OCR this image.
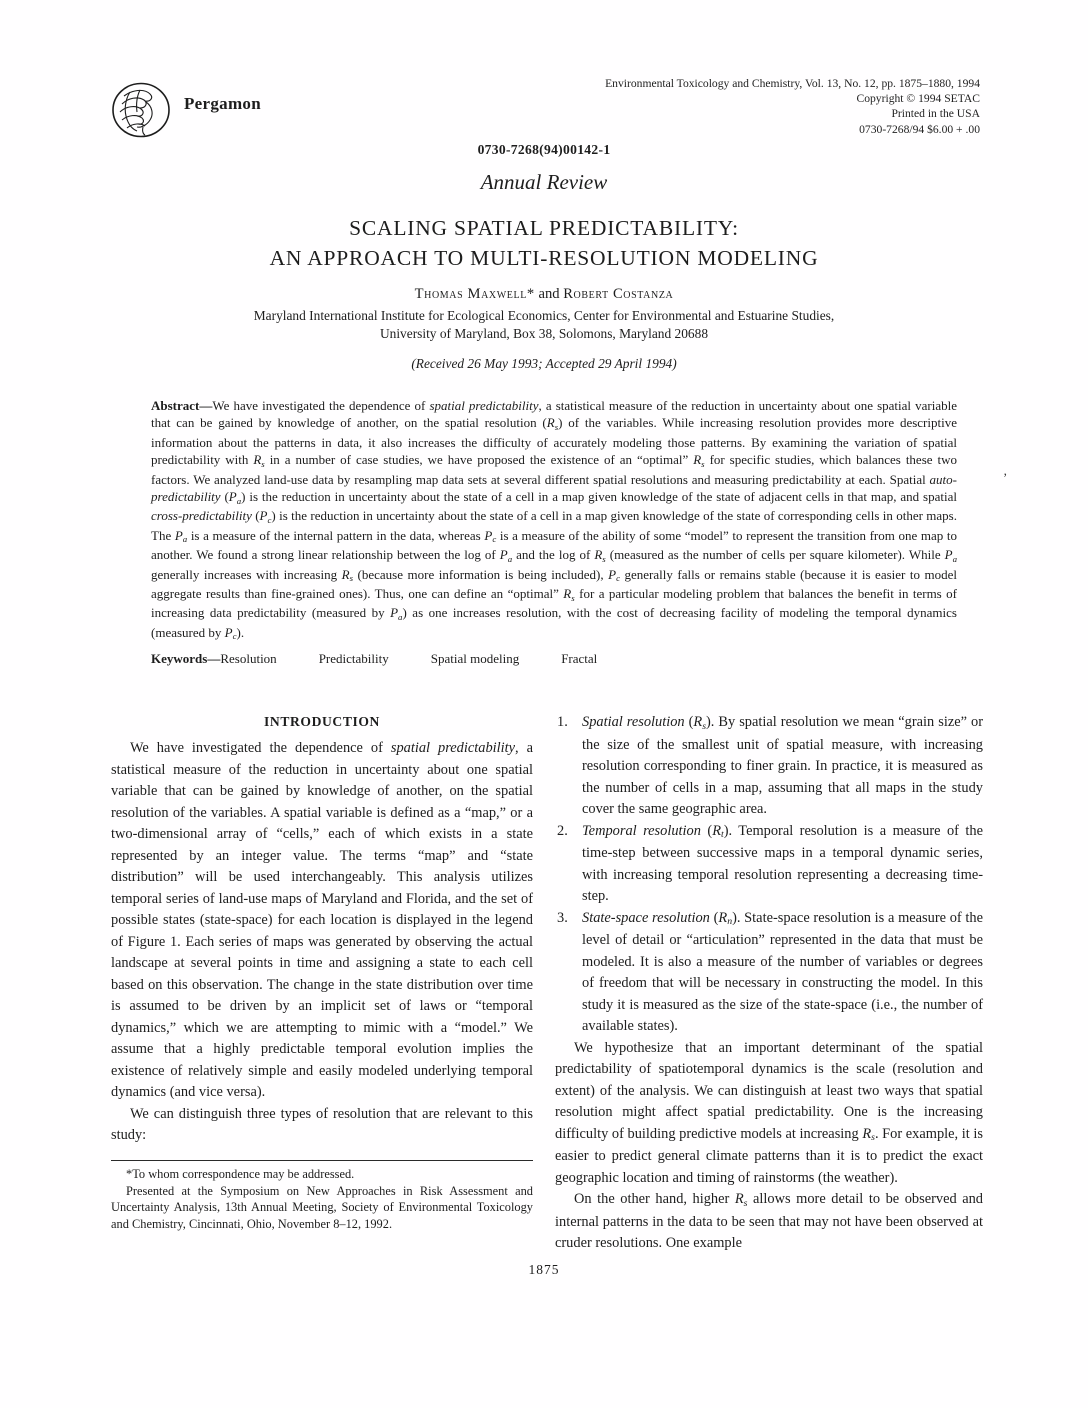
Pergamon
Environmental Toxicology and Chemistry, Vol. 13, No. 12, pp. 1875–1880, 1994
Copyright © 1994 SETAC
Printed in the USA
0730-7268/94 $6.00 + .00
0730-7268(94)00142-1
Annual Review
SCALING SPATIAL PREDICTABILITY:
AN APPROACH TO MULTI-RESOLUTION MODELING
Thomas Maxwell* and Robert Costanza
Maryland International Institute for Ecological Economics, Center for Environmental and Estuarine Studies,
University of Maryland, Box 38, Solomons, Maryland 20688
(Received 26 May 1993; Accepted 29 April 1994)
Abstract—We have investigated the dependence of spatial predictability, a statistical measure of the reduction in uncertainty about one spatial variable that can be gained by knowledge of another, on the spatial resolution (Rs) of the variables. While increasing resolution provides more descriptive information about the patterns in data, it also increases the difficulty of accurately modeling those patterns. By examining the variation of spatial predictability with Rs in a number of case studies, we have proposed the existence of an “optimal” Rs for specific studies, which balances these two factors. We analyzed land-use data by resampling map data sets at several different spatial resolutions and measuring predictability at each. Spatial auto-predictability (Pa) is the reduction in uncertainty about the state of a cell in a map given knowledge of the state of adjacent cells in that map, and spatial cross-predictability (Pc) is the reduction in uncertainty about the state of a cell in a map given knowledge of the state of corresponding cells in other maps. The Pa is a measure of the internal pattern in the data, whereas Pc is a measure of the ability of some “model” to represent the transition from one map to another. We found a strong linear relationship between the log of Pa and the log of Rs (measured as the number of cells per square kilometer). While Pa generally increases with increasing Rs (because more information is being included), Pc generally falls or remains stable (because it is easier to model aggregate results than fine-grained ones). Thus, one can define an “optimal” Rs for a particular modeling problem that balances the benefit in terms of increasing data predictability (measured by Pa) as one increases resolution, with the cost of decreasing facility of modeling the temporal dynamics (measured by Pc).
’
Keywords—Resolution	Predictability	Spatial modeling	Fractal
INTRODUCTION

We have investigated the dependence of spatial predictability, a statistical measure of the reduction in uncertainty about one spatial variable that can be gained by knowledge of another, on the spatial resolution of the variables. A spatial variable is defined as a “map,” or a two-dimensional array of “cells,” each of which exists in a state represented by an integer value. The terms “map” and “state distribution” will be used interchangeably. This analysis utilizes temporal series of land-use maps of Maryland and Florida, and the set of possible states (state-space) for each location is displayed in the legend of Figure 1. Each series of maps was generated by observing the actual landscape at several points in time and assigning a state to each cell based on this observation. The change in the state distribution over time is assumed to be driven by an implicit set of laws or “temporal dynamics,” which we are attempting to mimic with a “model.” We assume that a highly predictable temporal evolution implies the existence of relatively simple and easily modeled underlying temporal dynamics (and vice versa).

We can distinguish three types of resolution that are relevant to this study:

*To whom correspondence may be addressed.

Presented at the Symposium on New Approaches in Risk Assessment and Uncertainty Analysis, 13th Annual Meeting, Society of Environmental Toxicology and Chemistry, Cincinnati, Ohio, November 8–12, 1992.

1. Spatial resolution (Rs). By spatial resolution we mean “grain size” or the size of the smallest unit of spatial measure, with increasing resolution corresponding to finer grain. In practice, it is measured as the number of cells in a map, assuming that all maps in the study cover the same geographic area.
2. Temporal resolution (Rt). Temporal resolution is a measure of the time-step between successive maps in a temporal dynamic series, with increasing temporal resolution representing a decreasing time-step.
3. State-space resolution (Rn). State-space resolution is a measure of the level of detail or “articulation” represented in the data that must be modeled. It is also a measure of the number of variables or degrees of freedom that will be necessary in constructing the model. In this study it is measured as the size of the state-space (i.e., the number of available states).

We hypothesize that an important determinant of the spatial predictability of spatiotemporal dynamics is the scale (resolution and extent) of the analysis. We can distinguish at least two ways that spatial resolution might affect spatial predictability. One is the increasing difficulty of building predictive models at increasing Rs. For example, it is easier to predict general climate patterns than it is to predict the exact geographic location and timing of rainstorms (the weather).

On the other hand, higher Rs allows more detail to be observed and internal patterns in the data to be seen that may not have been observed at cruder resolutions. One example

1875
